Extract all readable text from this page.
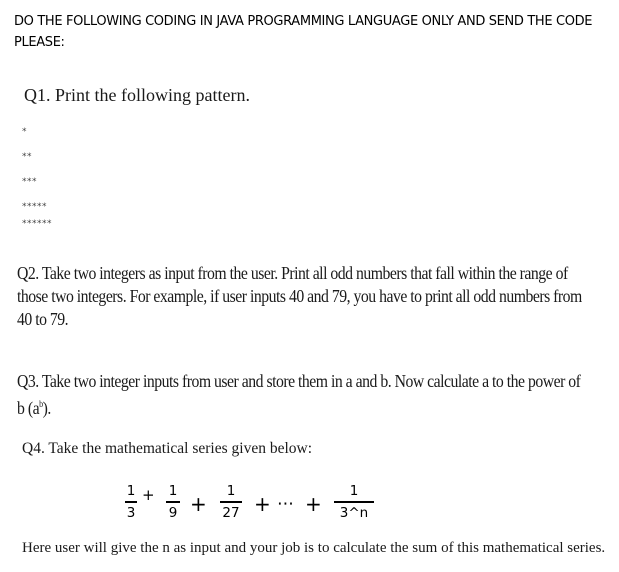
DO THE FOLLOWING CODING IN JAVA PROGRAMMING LANGUAGE ONLY AND SEND THE CODE
PLEASE:
Q1. Print the following pattern.
*
**
***
*****
******
Q2. Take two integers as input from the user. Print all odd numbers that fall within the range of
those two integers. For example, if user inputs 40 and 79, you have to print all odd numbers from
40 to 79.
Q3. Take two integer inputs from user and store them in a and b. Now calculate a to the power of
b $(a^b)$.
Q4. Take the mathematical series given below:
1
3
+ 1
9 +
1
27 + ⋯ +
1
3^n
Here user will give the n as input and your job is to calculate the sum of this mathematical series.
